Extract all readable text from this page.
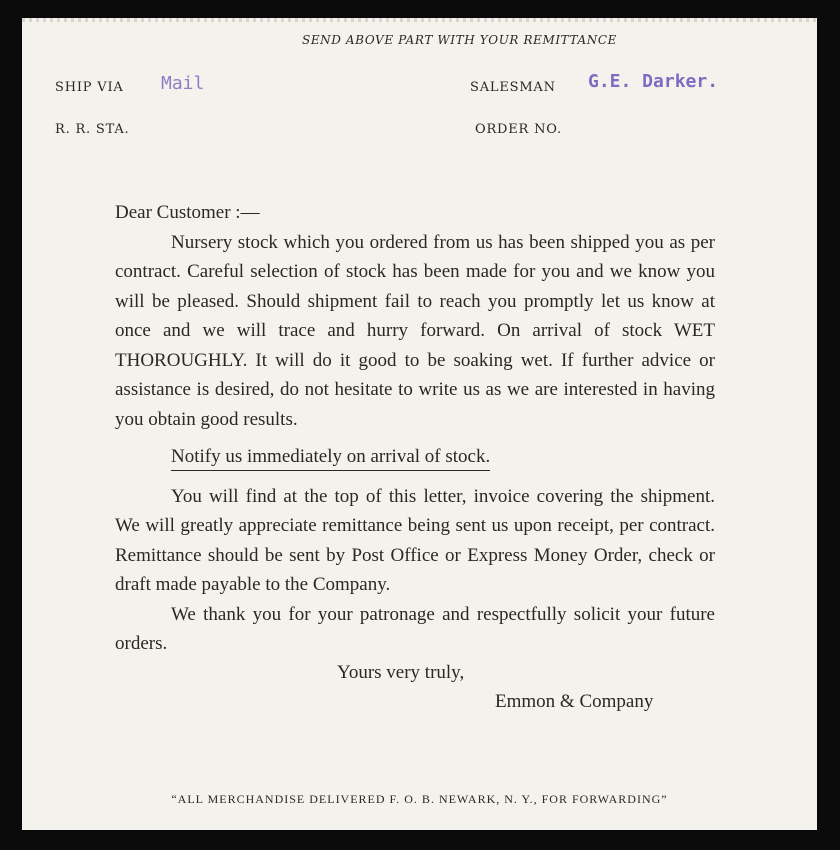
SEND ABOVE PART WITH YOUR REMITTANCE
SHIP VIA Mail	SALESMAN G.E. Darker.
R. R. STA.	ORDER NO.

Dear Customer :—

Nursery stock which you ordered from us has been shipped you as per contract. Careful selection of stock has been made for you and we know you will be pleased. Should shipment fail to reach you promptly let us know at once and we will trace and hurry forward. On arrival of stock WET THOROUGHLY. It will do it good to be soaking wet. If further advice or assistance is desired, do not hesitate to write us as we are interested in having you obtain good results.

Notify us immediately on arrival of stock.

You will find at the top of this letter, invoice covering the shipment. We will greatly appreciate remittance being sent us upon receipt, per contract. Remittance should be sent by Post Office or Express Money Order, check or draft made payable to the Company.

We thank you for your patronage and respectfully solicit your future orders.

Yours very truly,

Emmon & Company

“ALL MERCHANDISE DELIVERED F. O. B. NEWARK, N. Y., FOR FORWARDING”
